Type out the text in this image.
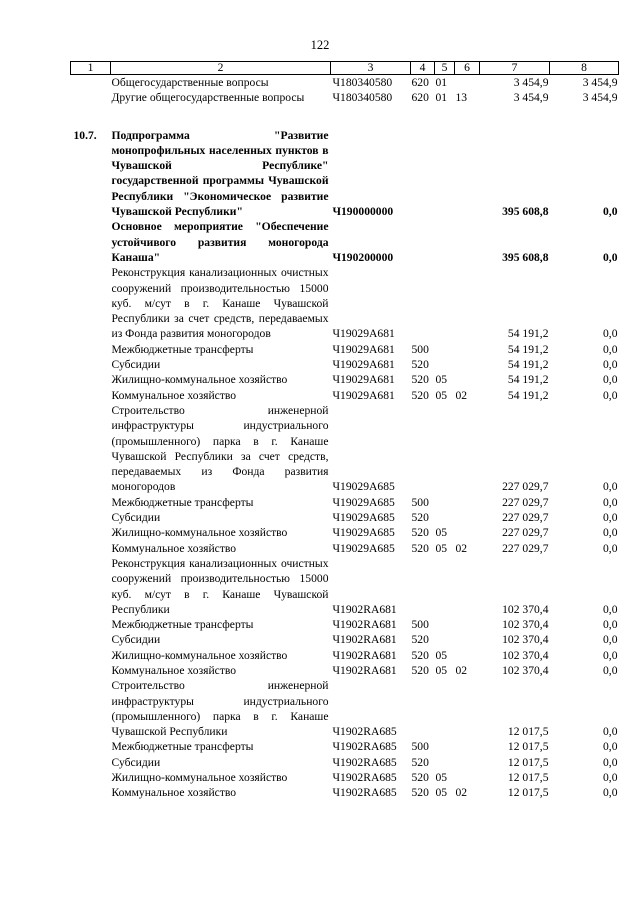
122
1	2	3	4	5	6	7	8
	Общегосударственные вопросы	Ч180340580	620	01		3 454,9	3 454,9
	Другие общегосударственные вопросы	Ч180340580	620	01	13	3 454,9	3 454,9
10.7.	Подпрограмма "Развитие монопрофильных населенных пунктов в Чувашской Республике" государственной программы Чувашской Республики "Экономическое развитие Чувашской Республики"	Ч190000000				395 608,8	0,0
	Основное мероприятие "Обеспечение устойчивого развития моногорода Канаша"	Ч190200000				395 608,8	0,0
	Реконструкция канализационных очистных сооружений производительностью 15000 куб. м/сут в г. Канаше Чувашской Республики за счет средств, передаваемых из Фонда развития моногородов	Ч19029А681				54 191,2	0,0
	Межбюджетные трансферты	Ч19029А681	500			54 191,2	0,0
	Субсидии	Ч19029А681	520			54 191,2	0,0
	Жилищно-коммунальное хозяйство	Ч19029А681	520	05		54 191,2	0,0
	Коммунальное хозяйство	Ч19029А681	520	05	02	54 191,2	0,0
	Строительство инженерной инфраструктуры индустриального (промышленного) парка в г. Канаше Чувашской Республики за счет средств, передаваемых из Фонда развития моногородов	Ч19029А685				227 029,7	0,0
	Межбюджетные трансферты	Ч19029А685	500			227 029,7	0,0
	Субсидии	Ч19029А685	520			227 029,7	0,0
	Жилищно-коммунальное хозяйство	Ч19029А685	520	05		227 029,7	0,0
	Коммунальное хозяйство	Ч19029А685	520	05	02	227 029,7	0,0
	Реконструкция канализационных очистных сооружений производительностью 15000 куб. м/сут в г. Канаше Чувашской Республики	Ч1902RA681				102 370,4	0,0
	Межбюджетные трансферты	Ч1902RA681	500			102 370,4	0,0
	Субсидии	Ч1902RA681	520			102 370,4	0,0
	Жилищно-коммунальное хозяйство	Ч1902RA681	520	05		102 370,4	0,0
	Коммунальное хозяйство	Ч1902RA681	520	05	02	102 370,4	0,0
	Строительство инженерной инфраструктуры индустриального (промышленного) парка в г. Канаше Чувашской Республики	Ч1902RA685				12 017,5	0,0
	Межбюджетные трансферты	Ч1902RA685	500			12 017,5	0,0
	Субсидии	Ч1902RA685	520			12 017,5	0,0
	Жилищно-коммунальное хозяйство	Ч1902RA685	520	05		12 017,5	0,0
	Коммунальное хозяйство	Ч1902RA685	520	05	02	12 017,5	0,0
